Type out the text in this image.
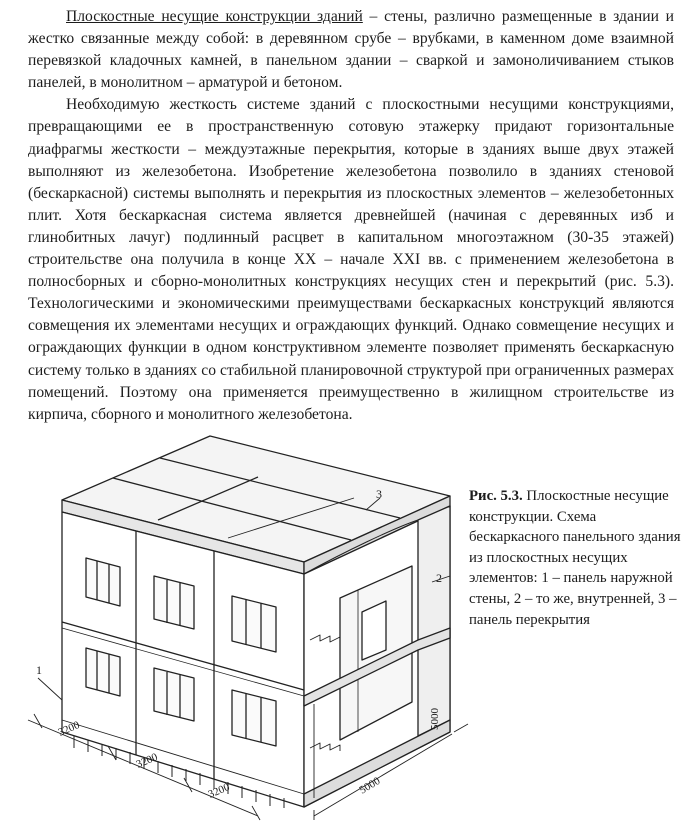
Плоскостные несущие конструкции зданий – стены, различно размещенные в здании и жестко связанные между собой: в деревянном срубе – врубками, в каменном доме взаимной перевязкой кладочных камней, в панельном здании – сваркой и замоноличиванием стыков панелей, в монолитном – арматурой и бетоном.

Необходимую жесткость системе зданий с плоскостными несущими конструкциями, превращающими ее в пространственную сотовую этажерку придают горизонтальные диафрагмы жесткости – междуэтажные перекрытия, которые в зданиях выше двух этажей выполняют из железобетона. Изобретение железобетона позволило в зданиях стеновой (бескаркасной) системы выполнять и перекрытия из плоскостных элементов – железобетонных плит. Хотя бескаркасная система является древнейшей (начиная с деревянных изб и глинобитных лачуг) подлинный расцвет в капитальном многоэтажном (30-35 этажей) строительстве она получила в конце XX – начале XXI вв. с применением железобетона в полносборных и сборно-монолитных конструкциях несущих стен и перекрытий (рис. 5.3). Технологическими и экономическими преимуществами бескаркасных конструкций являются совмещения их элементами несущих и ограждающих функций. Однако совмещение несущих и ограждающих функции в одном конструктивном элементе позволяет применять бескаркасную систему только в зданиях со стабильной планировочной структурой при ограниченных размерах помещений. Поэтому она применяется преимущественно в жилищном строительстве из кирпича, сборного и монолитного железобетона.

1
2
3
3200
3200
3200	5000
5000
Рис. 5.3. Плоскостные несущие конструкции. Схема бескаркасного панельного здания из плоскостных несущих элементов: 1 – панель наружной стены, 2 – то же, внутренней, 3 – панель перекрытия
